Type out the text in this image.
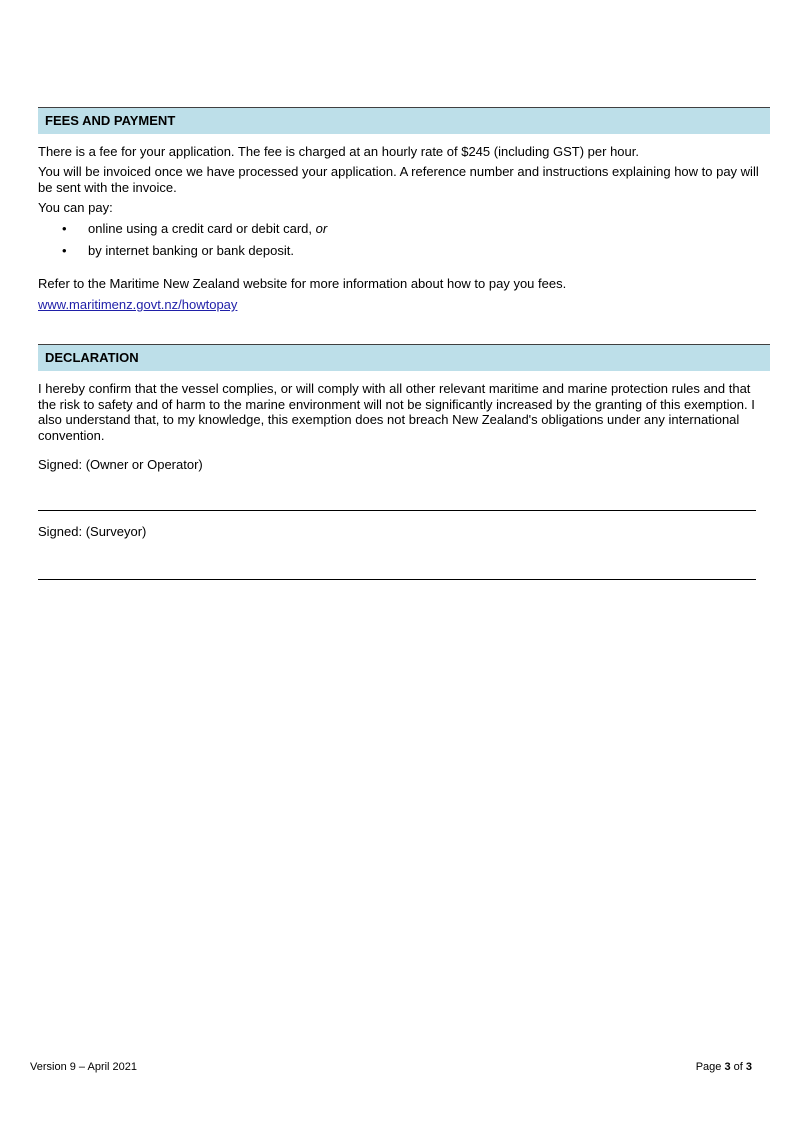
FEES AND PAYMENT
There is a fee for your application. The fee is charged at an hourly rate of $245 (including GST) per hour.
You will be invoiced once we have processed your application. A reference number and instructions explaining how to pay will be sent with the invoice.
You can pay:
•	online using a credit card or debit card, or
•	by internet banking or bank deposit.
Refer to the Maritime New Zealand website for more information about how to pay you fees.
www.maritimenz.govt.nz/howtopay
DECLARATION
I hereby confirm that the vessel complies, or will comply with all other relevant maritime and marine protection rules and that the risk to safety and of harm to the marine environment will not be significantly increased by the granting of this exemption. I also understand that, to my knowledge, this exemption does not breach New Zealand's obligations under any international convention.
Signed: (Owner or Operator)
Signed: (Surveyor)
Version 9 – April 2021	Page 3 of 3
